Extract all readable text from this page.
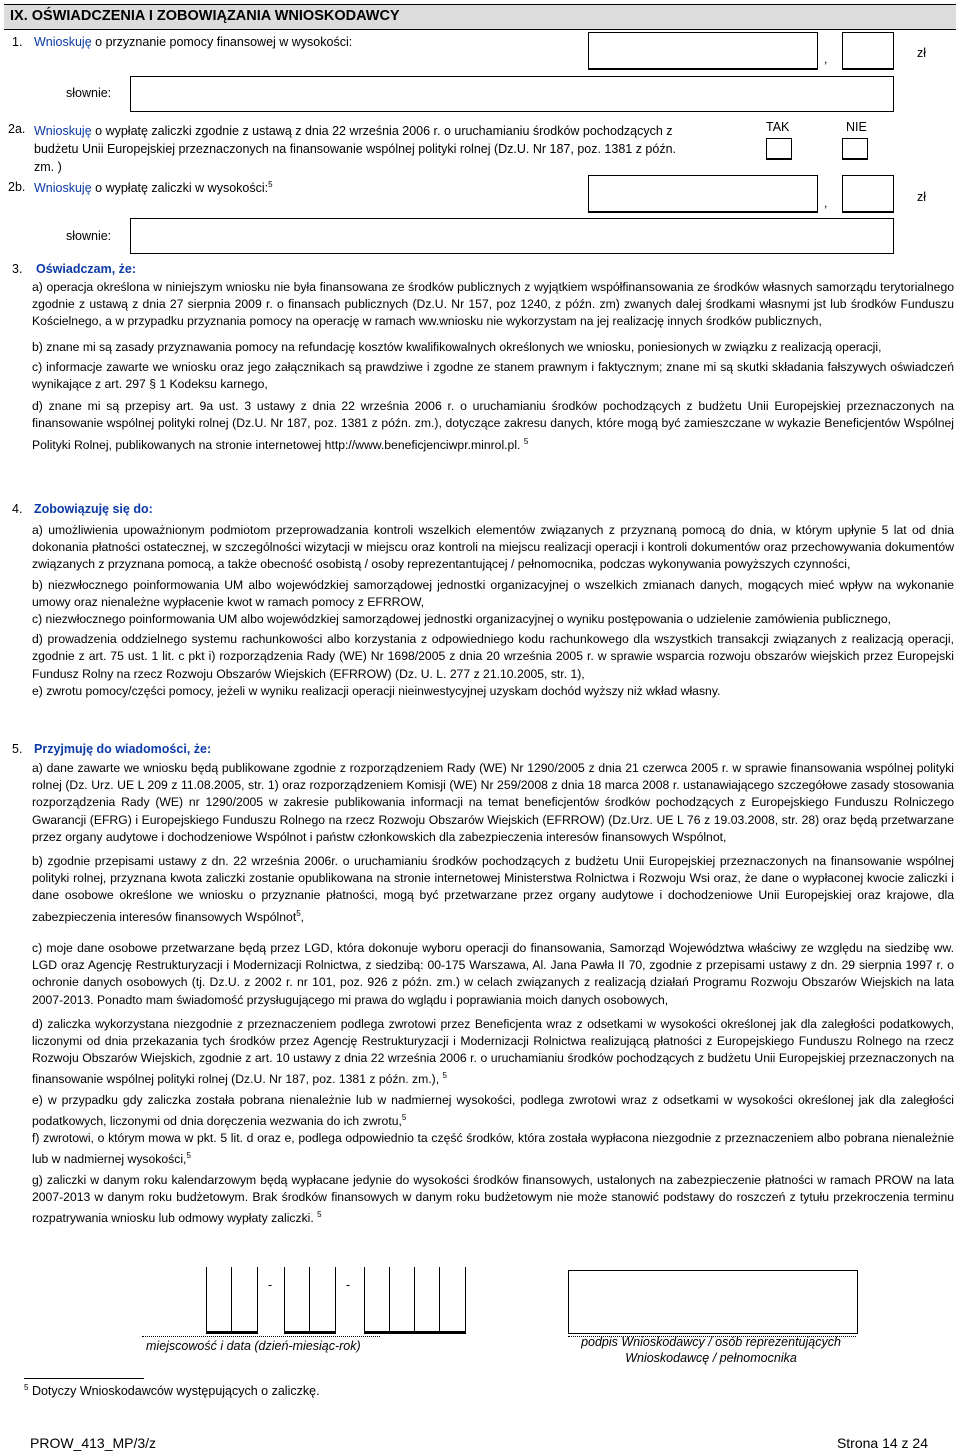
IX. OŚWIADCZENIA I ZOBOWIĄZANIA WNIOSKODAWCY
1. Wnioskuję o przyznanie pomocy finansowej w wysokości:
,	zł
słownie:
2a. Wnioskuję o wypłatę zaliczki zgodnie z ustawą z dnia 22 września 2006 r. o uruchamianiu środków pochodzących z
budżetu Unii Europejskiej przeznaczonych na finansowanie wspólnej polityki rolnej (Dz.U. Nr 187, poz. 1381 z późn.
zm. )
TAK	NIE
2b. Wnioskuję o wypłatę zaliczki w wysokości:$^5$
,	zł
słownie:
3. Oświadczam, że:
a) operacja określona w niniejszym wniosku nie była finansowana ze środków publicznych z wyjątkiem współfinansowania ze środków własnych samorządu terytorialnego zgodnie z ustawą z dnia 27 sierpnia 2009 r. o finansach publicznych (Dz.U. Nr 157, poz 1240, z późn. zm) zwanych dalej środkami własnymi jst lub środków Funduszu Kościelnego, a w przypadku przyznania pomocy na operację w ramach ww.wniosku nie wykorzystam na jej realizację innych środków publicznych,
b) znane mi są zasady przyznawania pomocy na refundację kosztów kwalifikowalnych określonych we wniosku, poniesionych w związku z realizacją operacji,
c) informacje zawarte we wniosku oraz jego załącznikach są prawdziwe i zgodne ze stanem prawnym i faktycznym; znane mi są skutki składania fałszywych oświadczeń wynikające z art. 297 § 1 Kodeksu karnego,
d) znane mi są przepisy art. 9a ust. 3 ustawy z dnia 22 września 2006 r. o uruchamianiu środków pochodzących z budżetu Unii Europejskiej przeznaczonych na finansowanie wspólnej polityki rolnej (Dz.U. Nr 187, poz. 1381 z późn. zm.), dotyczące zakresu danych, które mogą być zamieszczane w wykazie Beneficjentów Wspólnej Polityki Rolnej, publikowanych na stronie internetowej http://www.beneficjenciwpr.minrol.pl. $^5$
4. Zobowiązuję się do:
a) umożliwienia upoważnionym podmiotom przeprowadzania kontroli wszelkich elementów związanych z przyznaną pomocą do dnia, w którym upłynie 5 lat od dnia dokonania płatności ostatecznej, w szczególności wizytacji w miejscu oraz kontroli na miejscu realizacji operacji i kontroli dokumentów oraz przechowywania dokumentów związanych z przyznana pomocą, a także obecność osobistą / osoby reprezentantującej / pełnomocnika, podczas wykonywania powyższych czynności,
b) niezwłocznego poinformowania UM albo wojewódzkiej samorządowej jednostki organizacyjnej o wszelkich zmianach danych, mogących mieć wpływ na wykonanie umowy oraz nienależne wypłacenie kwot w ramach pomocy z EFRROW,
c) niezwłocznego poinformowania UM albo wojewódzkiej samorządowej jednostki organizacyjnej o wyniku postępowania o udzielenie zamówienia publicznego,
d) prowadzenia oddzielnego systemu rachunkowości albo korzystania z odpowiedniego kodu rachunkowego dla wszystkich transakcji związanych z realizacją operacji, zgodnie z art. 75 ust. 1 lit. c pkt i) rozporządzenia Rady (WE) Nr 1698/2005 z dnia 20 września 2005 r. w sprawie wsparcia rozwoju obszarów wiejskich przez Europejski Fundusz Rolny na rzecz Rozwoju Obszarów Wiejskich (EFRROW) (Dz. U. L. 277 z 21.10.2005, str. 1),
e) zwrotu pomocy/części pomocy, jeżeli w wyniku realizacji operacji nieinwestycyjnej uzyskam dochód wyższy niż wkład własny.
5. Przyjmuję do wiadomości, że:
a) dane zawarte we wniosku będą publikowane zgodnie z rozporządzeniem Rady (WE) Nr 1290/2005 z dnia 21 czerwca 2005 r. w sprawie finansowania wspólnej polityki rolnej (Dz. Urz. UE L 209 z 11.08.2005, str. 1) oraz rozporządzeniem Komisji (WE) Nr 259/2008 z dnia 18 marca 2008 r. ustanawiającego szczegółowe zasady stosowania rozporządzenia Rady (WE) nr 1290/2005 w zakresie publikowania informacji na temat beneficjentów środków pochodzących z Europejskiego Funduszu Rolniczego Gwarancji (EFRG) i Europejskiego Funduszu Rolnego na rzecz Rozwoju Obszarów Wiejskich (EFRROW) (Dz.Urz. UE L 76 z 19.03.2008, str. 28) oraz będą przetwarzane przez organy audytowe i dochodzeniowe Wspólnot i państw członkowskich dla zabezpieczenia interesów finansowych Wspólnot,
b) zgodnie przepisami ustawy z dn. 22 września 2006r. o uruchamianiu środków pochodzących z budżetu Unii Europejskiej przeznaczonych na finansowanie wspólnej polityki rolnej, przyznana kwota zaliczki zostanie opublikowana na stronie internetowej Ministerstwa Rolnictwa i Rozwoju Wsi oraz, że dane o wypłaconej kwocie zaliczki i dane osobowe określone we wniosku o przyznanie płatności, mogą być przetwarzane przez organy audytowe i dochodzeniowe Unii Europejskiej oraz krajowe, dla zabezpieczenia interesów finansowych Wspólnot$^5$,
c) moje dane osobowe przetwarzane będą przez LGD, która dokonuje wyboru operacji do finansowania, Samorząd Województwa właściwy ze względu na siedzibę ww. LGD oraz Agencję Restrukturyzacji i Modernizacji Rolnictwa, z siedzibą: 00-175 Warszawa, Al. Jana Pawła II 70, zgodnie z przepisami ustawy z dn. 29 sierpnia 1997 r. o ochronie danych osobowych (tj. Dz.U. z 2002 r. nr 101, poz. 926 z późn. zm.) w celach związanych z realizacją działań Programu Rozwoju Obszarów Wiejskich na lata 2007-2013. Ponadto mam świadomość przysługującego mi prawa do wglądu i poprawiania moich danych osobowych,
d) zaliczka wykorzystana niezgodnie z przeznaczeniem podlega zwrotowi przez Beneficjenta wraz z odsetkami w wysokości określonej jak dla zaległości podatkowych, liczonymi od dnia przekazania tych środków przez Agencję Restrukturyzacji i Modernizacji Rolnictwa realizującą płatności z Europejskiego Funduszu Rolnego na rzecz Rozwoju Obszarów Wiejskich, zgodnie z art. 10 ustawy z dnia 22 września 2006 r. o uruchamianiu środków pochodzących z budżetu Unii Europejskiej przeznaczonych na finansowanie wspólnej polityki rolnej (Dz.U. Nr 187, poz. 1381 z późn. zm.), $^5$
e) w przypadku gdy zaliczka została pobrana nienależnie lub w nadmiernej wysokości, podlega zwrotowi wraz z odsetkami w wysokości określonej jak dla zaległości podatkowych, liczonymi od dnia doręczenia wezwania do ich zwrotu,$^5$
f) zwrotowi, o którym mowa w pkt. 5 lit. d oraz e, podlega odpowiednio ta część środków, która została wypłacona niezgodnie z przeznaczeniem albo pobrana nienależnie lub w nadmiernej wysokości,$^5$
g) zaliczki w danym roku kalendarzowym będą wypłacane jedynie do wysokości środków finansowych, ustalonych na zabezpieczenie płatności w ramach PROW na lata 2007-2013 w danym roku budżetowym. Brak środków finansowych w danym roku budżetowym nie może stanowić podstawy do roszczeń z tytułu przekroczenia terminu rozpatrywania wniosku lub odmowy wypłaty zaliczki. $^5$
-	-
miejscowość i data (dzień-miesiąc-rok)	podpis Wnioskodawcy / osób reprezentujących
Wnioskodawcę / pełnomocnika
$^5$ Dotyczy Wnioskodawców występujących o zaliczkę.
PROW_413_MP/3/z	Strona 14 z 24
